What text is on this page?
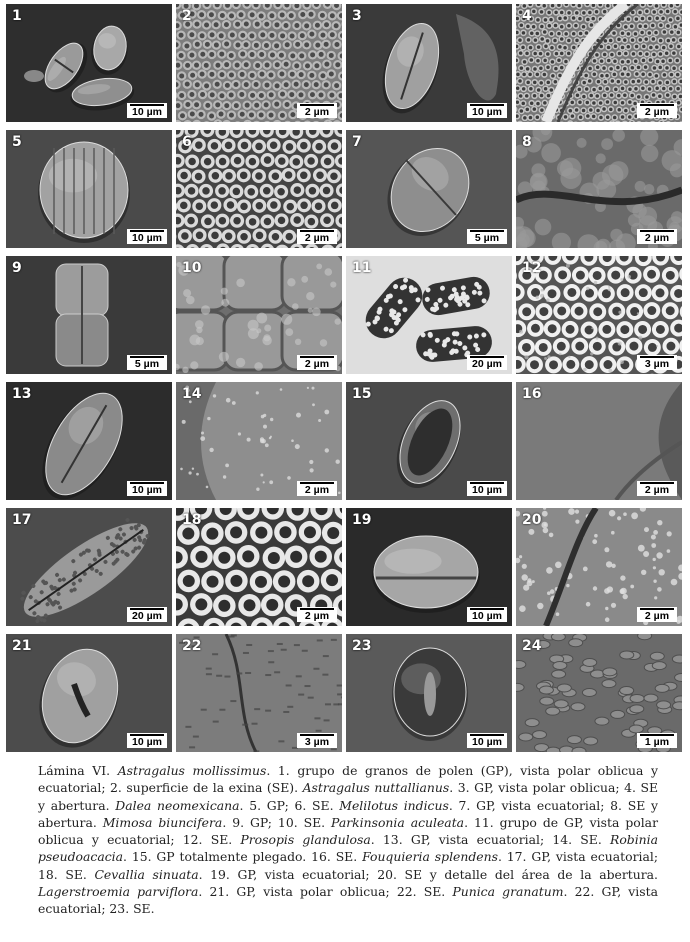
1
10 µm
2
2 µm
3
10 µm
4
2 µm
5
10 µm
6
2 µm
7
5 µm
8
2 µm
9
5 µm
10
2 µm
11
20 µm
12
3 µm
13
10 µm
14
2 µm
15
10 µm
16
2 µm
17
20 µm
18
2 µm
19
10 µm
20
2 µm
21
10 µm
22
3 µm
23
10 µm
24
1 µm

Lámina VI. Astragalus mollissimus. 1. grupo de granos de polen (GP), vista polar oblicua y ecuatorial; 2. superficie de la exina (SE). Astragalus nuttallianus. 3. GP, vista polar oblicua; 4. SE y abertura. Dalea neomexicana. 5. GP; 6. SE. Melilotus indicus. 7. GP, vista ecuatorial; 8. SE y abertura. Mimosa biuncifera. 9. GP; 10. SE. Parkinsonia aculeata. 11. grupo de GP, vista polar oblicua y ecuatorial; 12. SE. Prosopis glandulosa. 13. GP, vista ecuatorial; 14. SE. Robinia pseudoacacia. 15. GP totalmente plegado. 16. SE. Fouquieria splendens. 17. GP, vista ecuatorial; 18. SE. Cevallia sinuata. 19. GP, vista ecuatorial; 20. SE y detalle del área de la abertura. Lagerstroemia parviflora. 21. GP, vista polar oblicua; 22. SE. Punica granatum. 22. GP, vista ecuatorial; 23. SE.
